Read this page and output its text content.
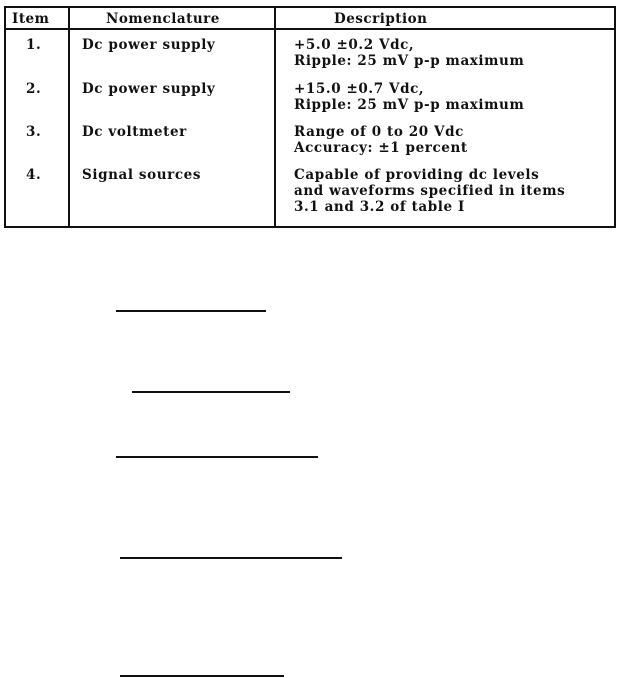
Item	Nomenclature	Description
1.	Dc power supply	+5.0 ±0.2 Vdc,
Ripple: 25 mV p-p maximum
2.	Dc power supply	+15.0 ±0.7 Vdc,
Ripple: 25 mV p-p maximum
3.	Dc voltmeter	Range of 0 to 20 Vdc
Accuracy: ±1 percent
4.	Signal sources	Capable of providing dc levels
and waveforms specified in items
3.1 and 3.2 of table I
